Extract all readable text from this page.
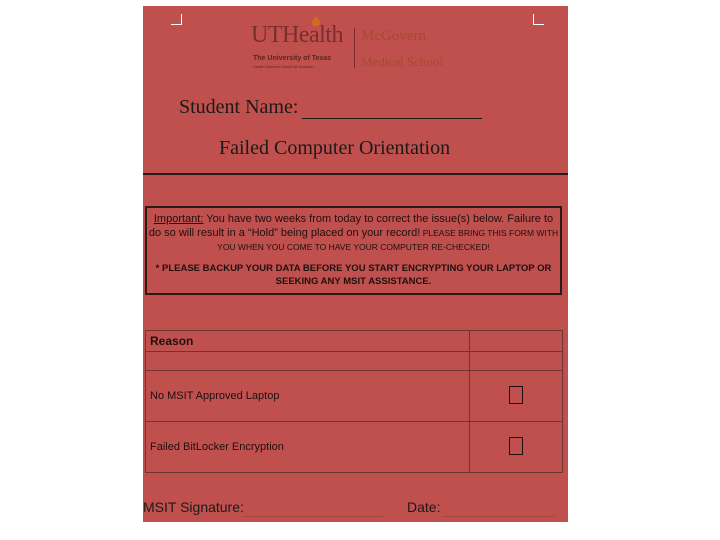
UTHealth
The University of Texas
Health Science Center at Houston
McGovern
Medical School
Student Name:
Failed Computer Orientation

Important: You have two weeks from today to correct the issue(s) below. Failure to do so will result in a “Hold” being placed on your record! PLEASE BRING THIS FORM WITH YOU WHEN YOU COME TO HAVE YOUR COMPUTER RE-CHECKED!

* PLEASE BACKUP YOUR DATA BEFORE YOU START ENCRYPTING YOUR LAPTOP OR SEEKING ANY MSIT ASSISTANCE.

Reason	

No MSIT Approved Laptop	
Failed BitLocker Encryption	
MSIT Signature:	Date:
